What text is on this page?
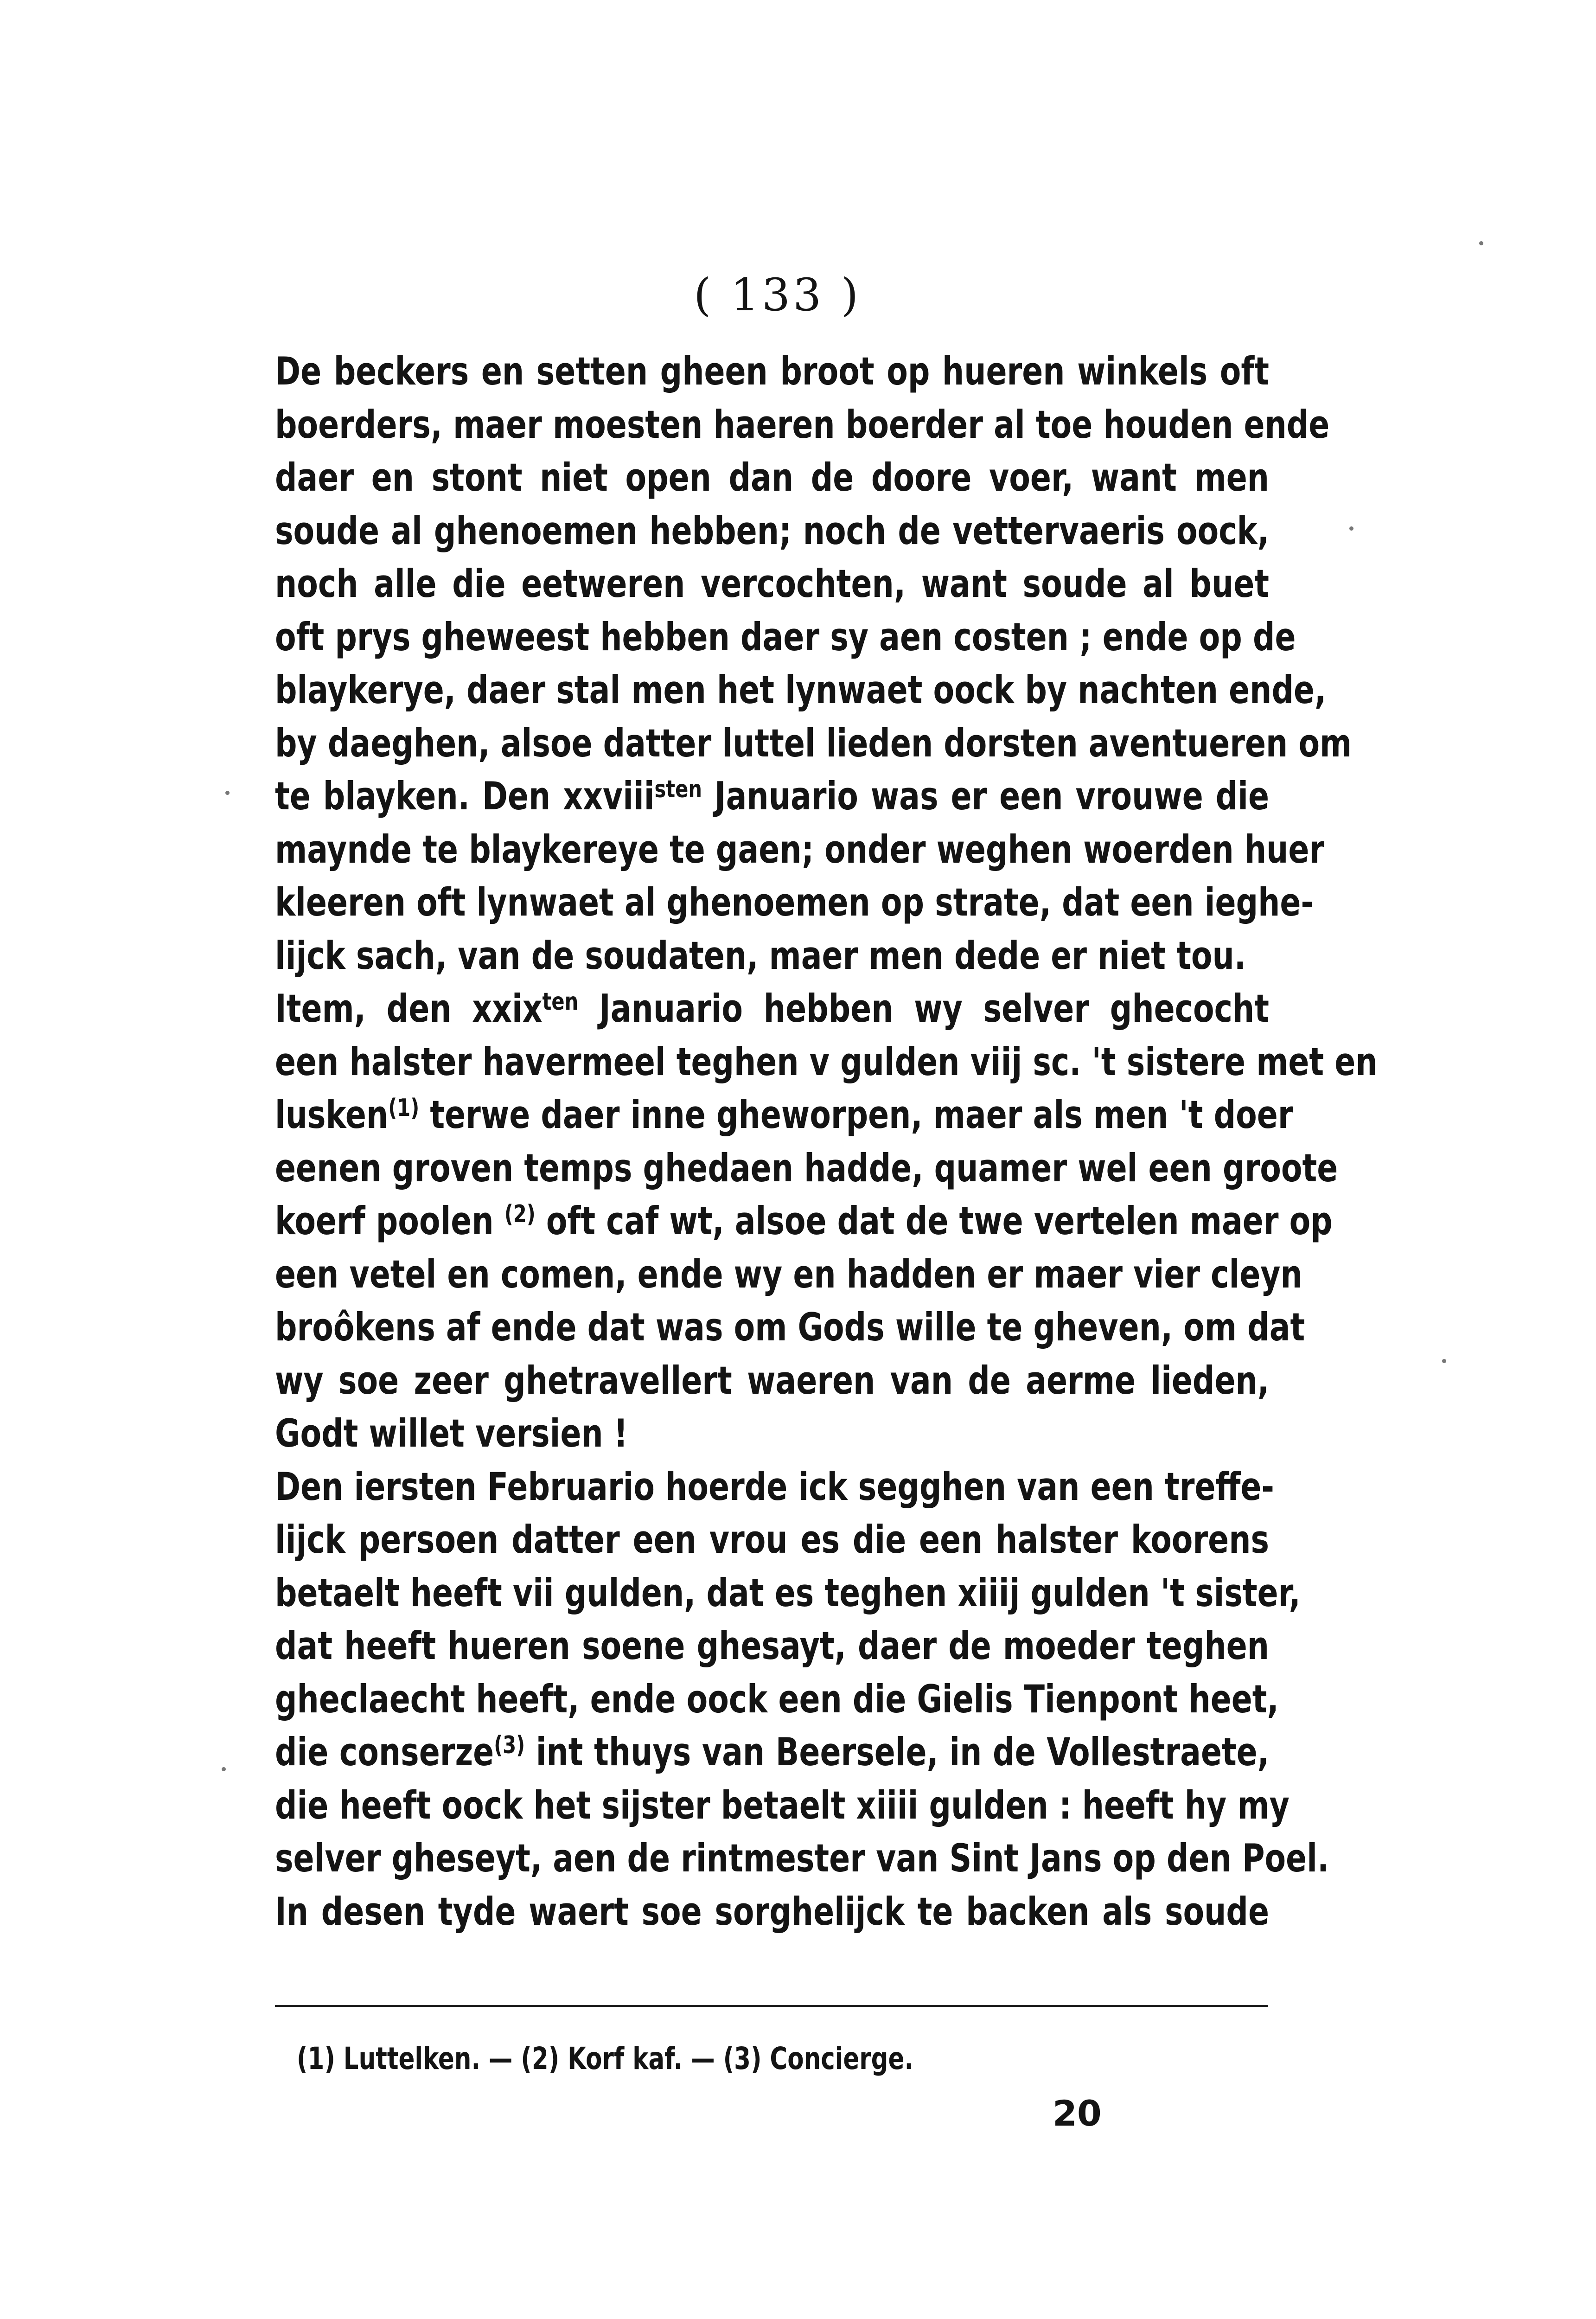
( 133 )
De beckers en setten gheen broot op hueren winkels oft
boerders, maer moesten haeren boerder al toe houden ende
daer en stont niet open dan de doore voer, want men
soude al ghenoemen hebben; noch de vettervaeris oock,
noch alle die eetweren vercochten, want soude al buet
oft prys gheweest hebben daer sy aen costen ; ende op de
blaykerye, daer stal men het lynwaet oock by nachten ende,
by daeghen, alsoe datter luttel lieden dorsten aventueren om
te blayken. Den xxviii$^{sten}$ Januario was er een vrouwe die
maynde te blaykereye te gaen; onder weghen woerden huer
kleeren oft lynwaet al ghenoemen op strate, dat een ieghe-
lijck sach, van de soudaten, maer men dede er niet tou.
Item, den xxix$^{ten}$ Januario hebben wy selver ghecocht
een halster havermeel teghen v gulden viij sc. 't sistere met en
lusken$^{(1)}$ terwe daer inne gheworpen, maer als men 't doer
eenen groven temps ghedaen hadde, quamer wel een groote
koerf poolen $^{(2)}$ oft caf wt, alsoe dat de twe vertelen maer op
een vetel en comen, ende wy en hadden er maer vier cleyn
broôkens af ende dat was om Gods wille te gheven, om dat
wy soe zeer ghetravellert waeren van de aerme lieden,
Godt willet versien !
Den iersten Februario hoerde ick segghen van een treffe-
lijck persoen datter een vrou es die een halster koorens
betaelt heeft vii gulden, dat es teghen xiiij gulden 't sister,
dat heeft hueren soene ghesayt, daer de moeder teghen
gheclaecht heeft, ende oock een die Gielis Tienpont heet,
die conserze$^{(3)}$ int thuys van Beersele, in de Vollestraete,
die heeft oock het sijster betaelt xiiii gulden : heeft hy my
selver gheseyt, aen de rintmester van Sint Jans op den Poel.
In desen tyde waert soe sorghelijck te backen als soude
(1) Luttelken. — (2) Korf kaf. — (3) Concierge.
20
